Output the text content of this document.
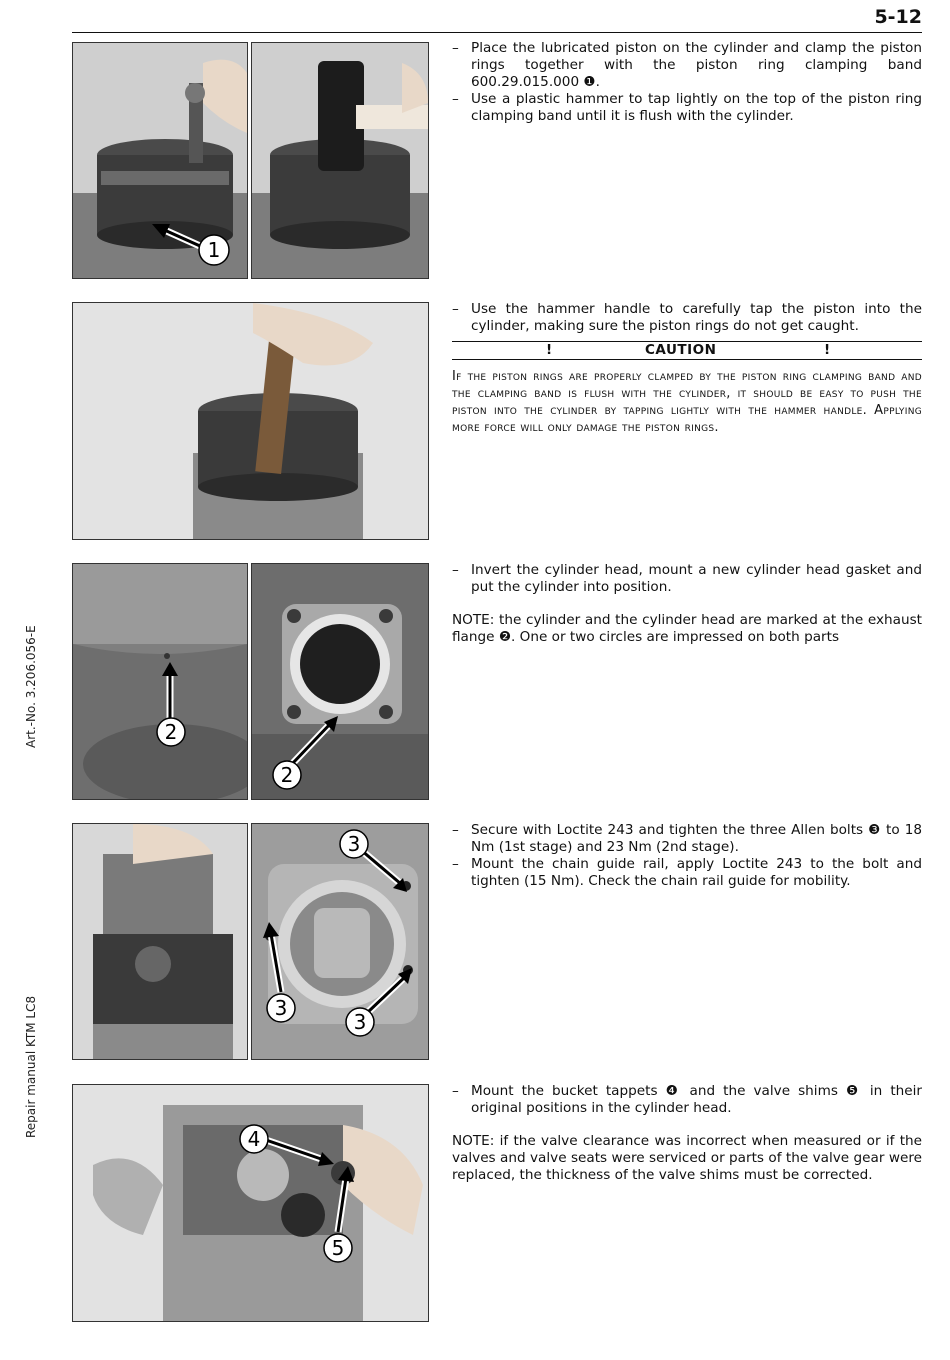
5-12
Art.-No. 3.206.056-E
Repair manual KTM LC8
1

– Place the lubricated piston on the cylinder and clamp the piston rings together with the piston ring clamping band 600.29.015.000 ❶.

– Use a plastic hammer to tap lightly on the top of the piston ring clamping band until it is flush with the cylinder.

– Use the hammer handle to carefully tap the piston into the cylinder, making sure the piston rings do not get caught.

!	CAUTION	!

If the piston rings are properly clamped by the piston ring clamping band and the clamping band is flush with the cylinder, it should be easy to push the piston into the cylinder by tapping lightly with the hammer handle. Applying more force will only damage the piston rings.

2
2

– Invert the cylinder head, mount a new cylinder head gasket and put the cylinder into position.

NOTE: the cylinder and the cylinder head are marked at the exhaust flange ❷. One or two circles are impressed on both parts

3
3
3

– Secure with Loctite 243 and tighten the three Allen bolts ❸ to 18 Nm (1st stage) and 23 Nm (2nd stage).

– Mount the chain guide rail, apply Loctite 243 to the bolt and tighten (15 Nm). Check the chain rail guide for mobility.

4
5

– Mount the bucket tappets ❹ and the valve shims ❺ in their original positions in the cylinder head.

NOTE: if the valve clearance was incorrect when measured or if the valves and valve seats were serviced or parts of the valve gear were replaced, the thickness of the valve shims must be corrected.
